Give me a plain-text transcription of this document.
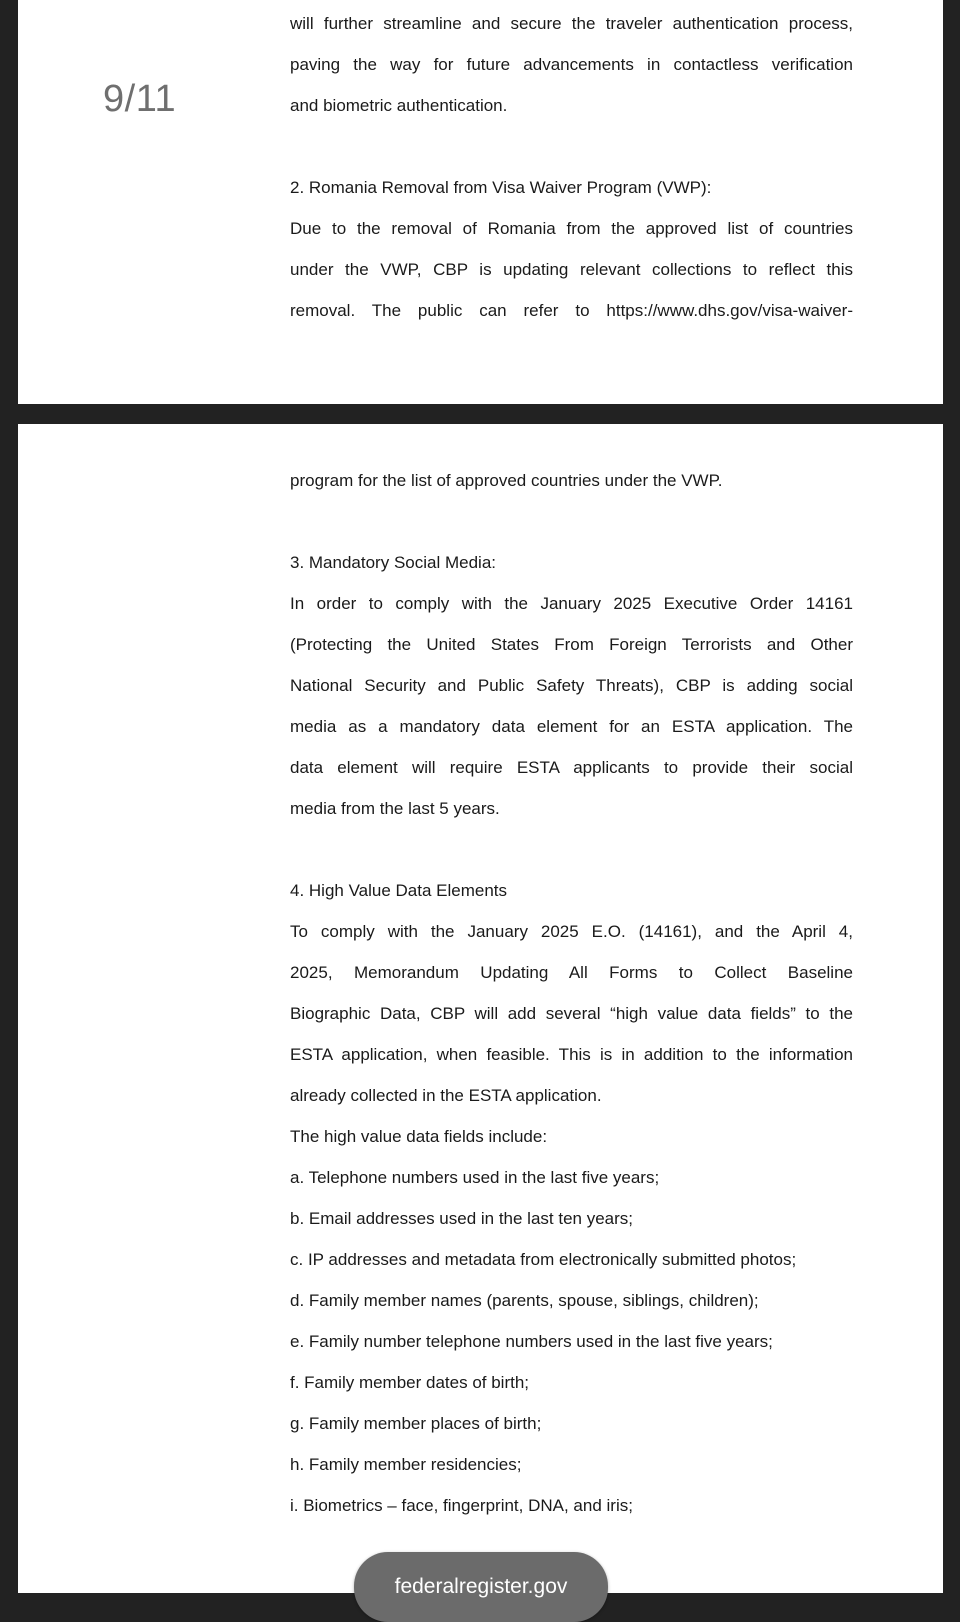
9/11
will further streamline and secure the traveler authentication process,
paving the way for future advancements in contactless verification
and biometric authentication.
2. Romania Removal from Visa Waiver Program (VWP):
Due to the removal of Romania from the approved list of countries
under the VWP, CBP is updating relevant collections to reflect this
removal. The public can refer to https://www.dhs.gov/visa-waiver-
program for the list of approved countries under the VWP.
3. Mandatory Social Media:
In order to comply with the January 2025 Executive Order 14161
(Protecting the United States From Foreign Terrorists and Other
National Security and Public Safety Threats), CBP is adding social
media as a mandatory data element for an ESTA application. The
data element will require ESTA applicants to provide their social
media from the last 5 years.
4. High Value Data Elements
To comply with the January 2025 E.O. (14161), and the April 4,
2025, Memorandum Updating All Forms to Collect Baseline
Biographic Data, CBP will add several “high value data fields” to the
ESTA application, when feasible. This is in addition to the information
already collected in the ESTA application.
The high value data fields include:
a. Telephone numbers used in the last five years;
b. Email addresses used in the last ten years;
c. IP addresses and metadata from electronically submitted photos;
d. Family member names (parents, spouse, siblings, children);
e. Family number telephone numbers used in the last five years;
f. Family member dates of birth;
g. Family member places of birth;
h. Family member residencies;
i. Biometrics – face, fingerprint, DNA, and iris;
federalregister.gov
